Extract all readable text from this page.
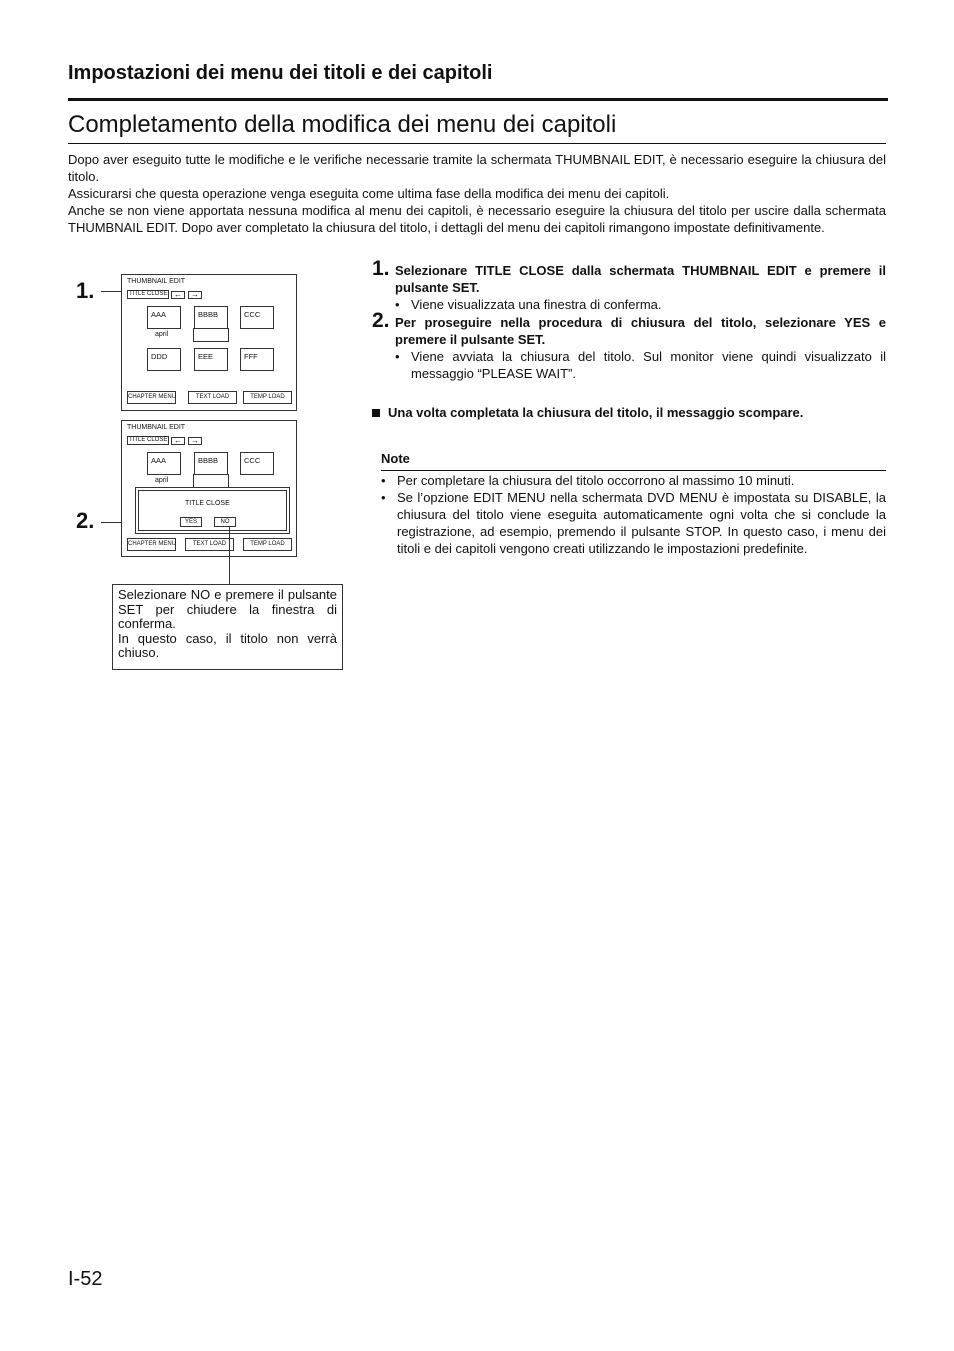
Impostazioni dei menu dei titoli e dei capitoli
Completamento della modifica dei menu dei capitoli

Dopo aver eseguito tutte le modifiche e le verifiche necessarie tramite la schermata THUMBNAIL EDIT, è necessario eseguire la chiusura del titolo.

Assicurarsi che questa operazione venga eseguita come ultima fase della modifica dei menu dei capitoli.

Anche se non viene apportata nessuna modifica al menu dei capitoli, è necessario eseguire la chiusura del titolo per uscire dalla schermata THUMBNAIL EDIT. Dopo aver completato la chiusura del titolo, i dettagli del menu dei capitoli rimangono impostate definitivamente.

1.
2.
THUMBNAIL EDIT
TITLE CLOSE ←	→
AAA	BBBB	CCC
april
DDD	EEE	FFF
CHAPTER MENU	TEXT LOAD	TEMP LOAD
THUMBNAIL EDIT
TITLE CLOSE ←	→
AAA	BBBB	CCC
april
TITLE CLOSE
YES	NO
CHAPTER MENU	TEXT LOAD	TEMP LOAD
Selezionare NO e premere il pulsante SET per chiudere la finestra di conferma.
In questo caso, il titolo non verrà chiuso.
1. Selezionare TITLE CLOSE dalla schermata THUMBNAIL EDIT e premere il pulsante SET.
• Viene visualizzata una finestra di conferma.
2. Per proseguire nella procedura di chiusura del titolo, selezionare YES e premere il pulsante SET.
• Viene avviata la chiusura del titolo. Sul monitor viene quindi visualizzato il messaggio “PLEASE WAIT”.
Una volta completata la chiusura del titolo, il messaggio scompare.
Note
• Per completare la chiusura del titolo occorrono al massimo 10 minuti.
• Se l’opzione EDIT MENU nella schermata DVD MENU è impostata su DISABLE, la chiusura del titolo viene eseguita automaticamente ogni volta che si conclude la registrazione, ad esempio, premendo il pulsante STOP. In questo caso, i menu dei titoli e dei capitoli vengono creati utilizzando le impostazioni predefinite.
I-52
